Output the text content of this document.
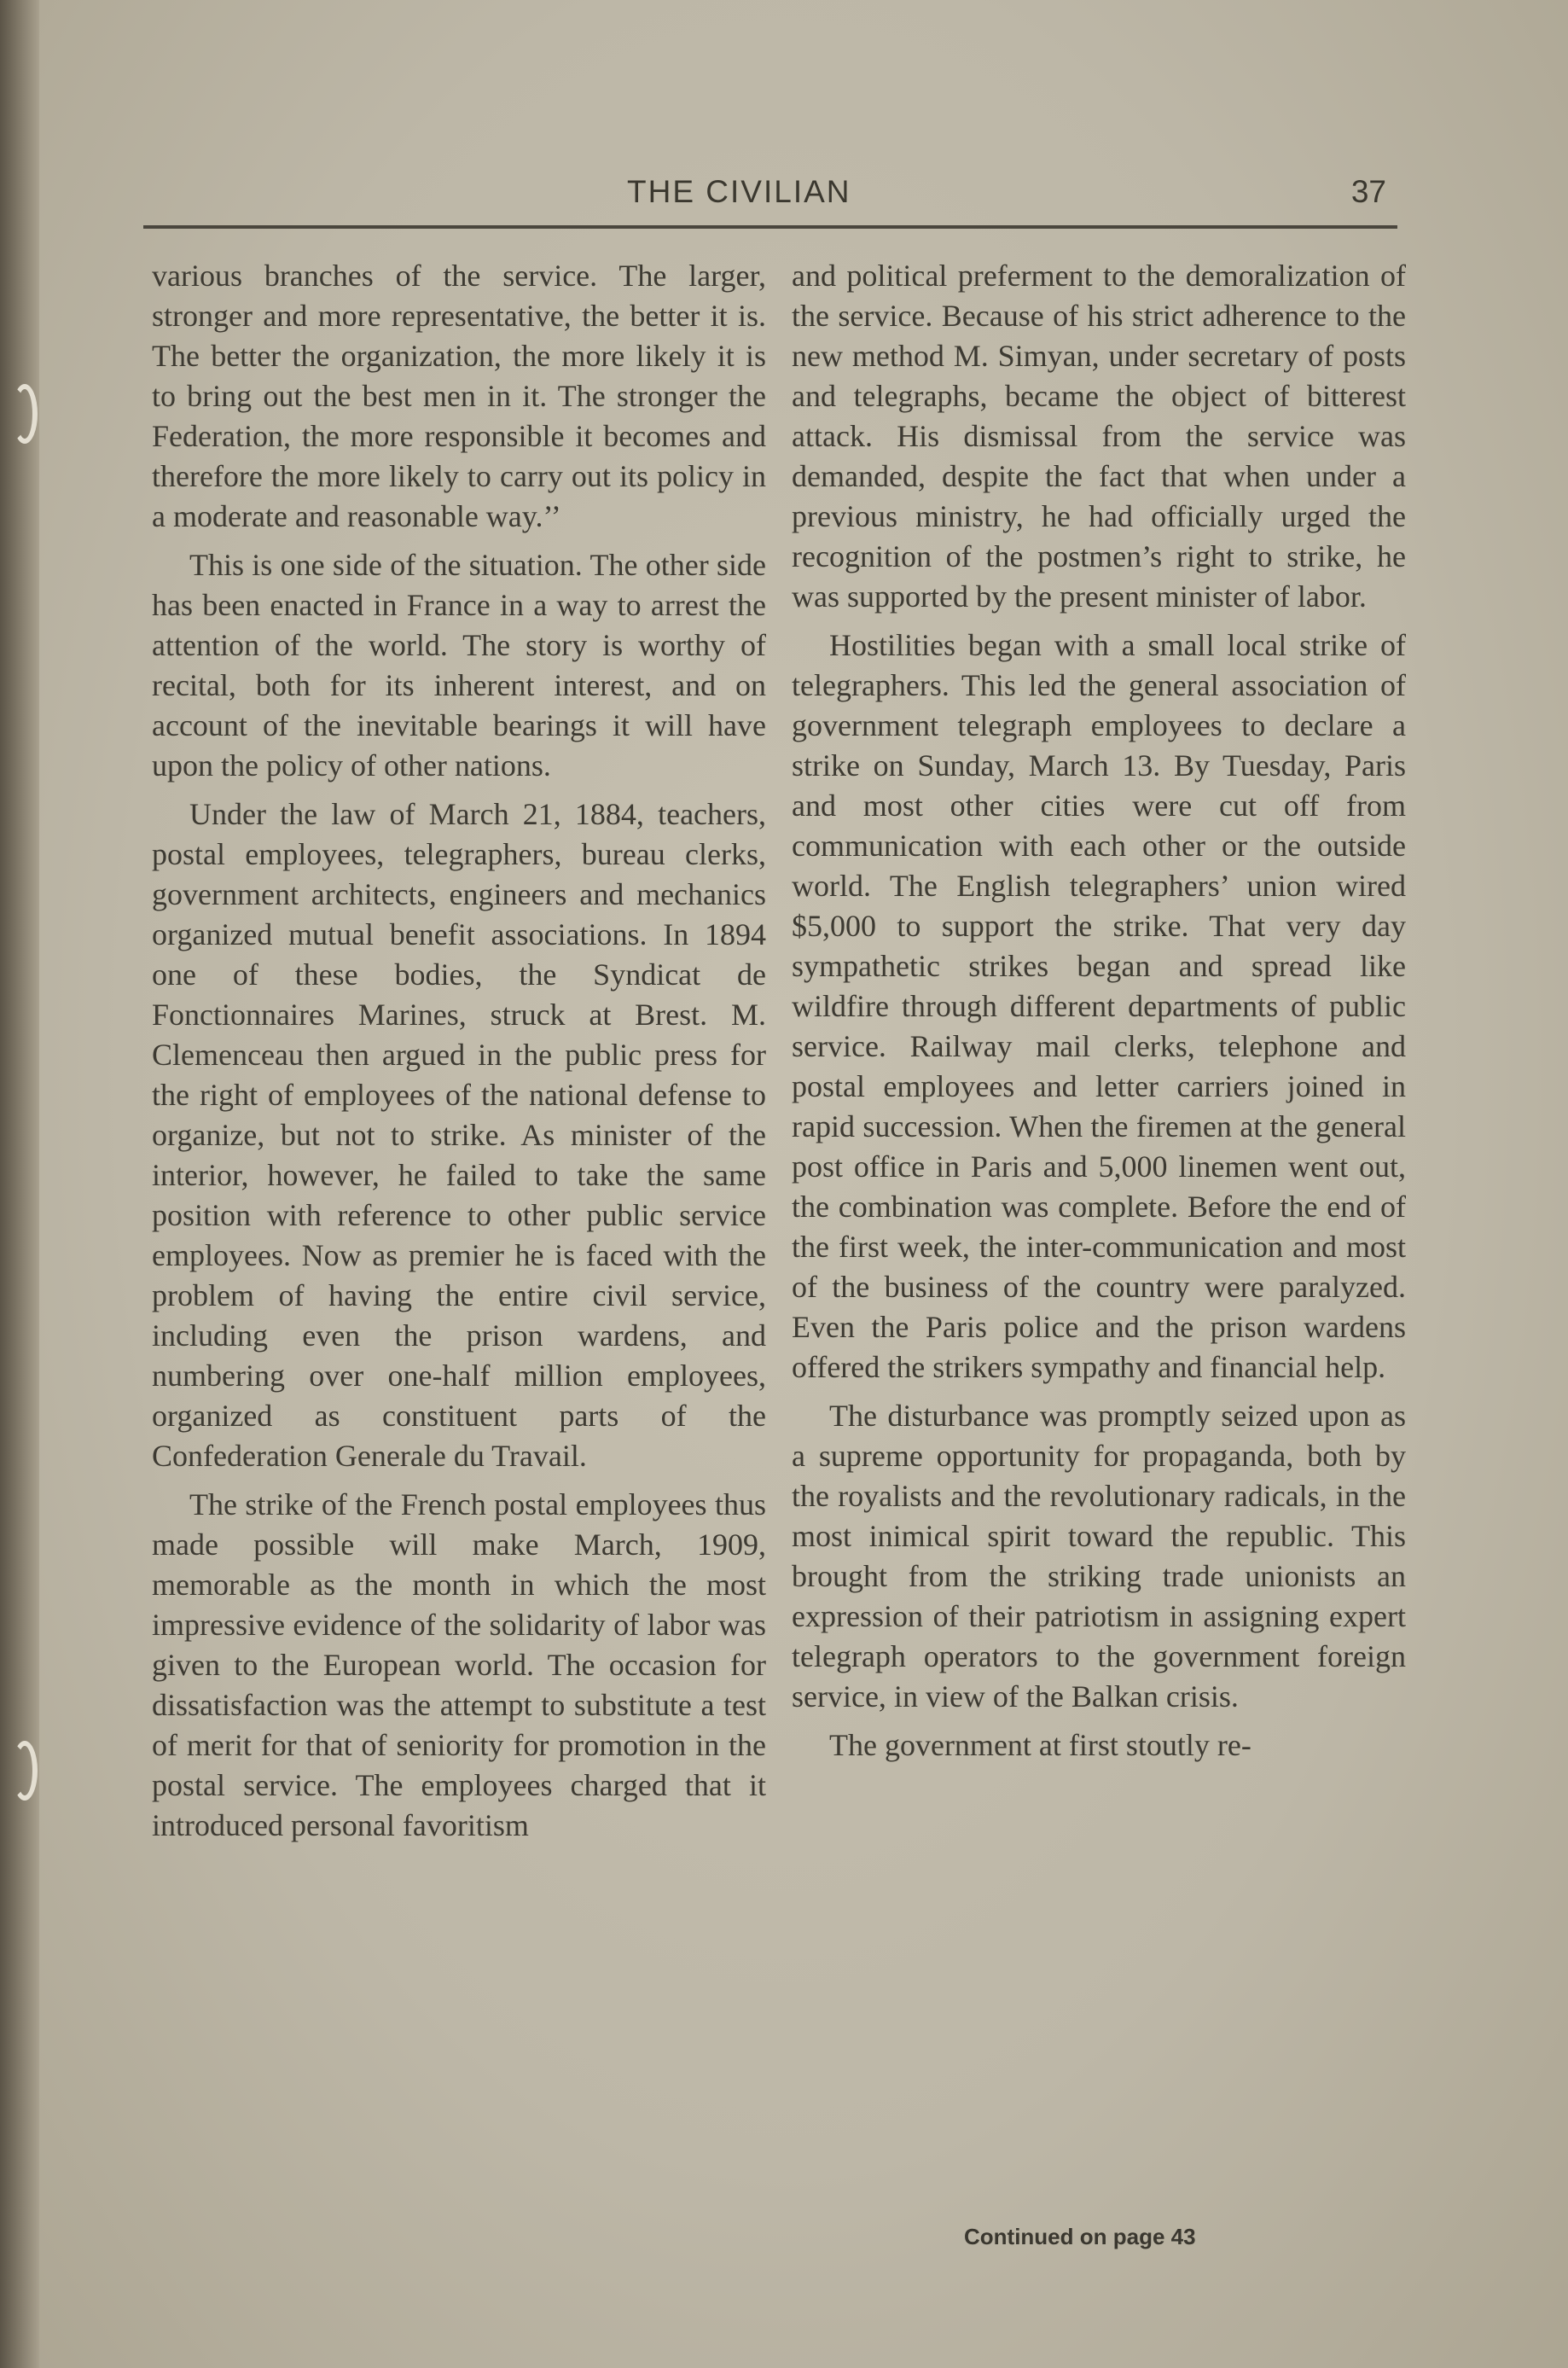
THE CIVILIAN	37

various branches of the service. The larger, stronger and more representative, the better it is. The better the organization, the more likely it is to bring out the best men in it. The stronger the Federation, the more responsible it becomes and therefore the more likely to carry out its policy in a moderate and reasonable way.’’

This is one side of the situation. The other side has been enacted in France in a way to arrest the attention of the world. The story is worthy of recital, both for its inherent interest, and on account of the inevitable bearings it will have upon the policy of other nations.

Under the law of March 21, 1884, teachers, postal employees, telegraphers, bureau clerks, government architects, engineers and mechanics organized mutual benefit associations. In 1894 one of these bodies, the Syndicat de Fonctionnaires Marines, struck at Brest. M. Clemenceau then argued in the public press for the right of employees of the national defense to organize, but not to strike. As minister of the interior, however, he failed to take the same position with reference to other public service employees. Now as premier he is faced with the problem of having the entire civil service, including even the prison wardens, and numbering over one-half million employees, organized as constituent parts of the Confederation Generale du Travail.

The strike of the French postal employees thus made possible will make March, 1909, memorable as the month in which the most impressive evidence of the solidarity of labor was given to the European world. The occasion for dissatisfaction was the attempt to substitute a test of merit for that of seniority for promotion in the postal service. The employees charged that it introduced personal favoritism

and political preferment to the demoralization of the service. Because of his strict adherence to the new method M. Simyan, under secretary of posts and telegraphs, became the object of bitterest attack. His dismissal from the service was demanded, despite the fact that when under a previous ministry, he had officially urged the recognition of the postmen’s right to strike, he was supported by the present minister of labor.

Hostilities began with a small local strike of telegraphers. This led the general association of government telegraph employees to declare a strike on Sunday, March 13. By Tuesday, Paris and most other cities were cut off from communication with each other or the outside world. The English telegraphers’ union wired $5,000 to support the strike. That very day sympathetic strikes began and spread like wildfire through different departments of public service. Railway mail clerks, telephone and postal employees and letter carriers joined in rapid succession. When the firemen at the general post office in Paris and 5,000 linemen went out, the combination was complete. Before the end of the first week, the inter-communication and most of the business of the country were paralyzed. Even the Paris police and the prison wardens offered the strikers sympathy and financial help.

The disturbance was promptly seized upon as a supreme opportunity for propaganda, both by the royalists and the revolutionary radicals, in the most inimical spirit toward the republic. This brought from the striking trade unionists an expression of their patriotism in assigning expert telegraph operators to the government foreign service, in view of the Balkan crisis.

The government at first stoutly re-

Continued on page 43
